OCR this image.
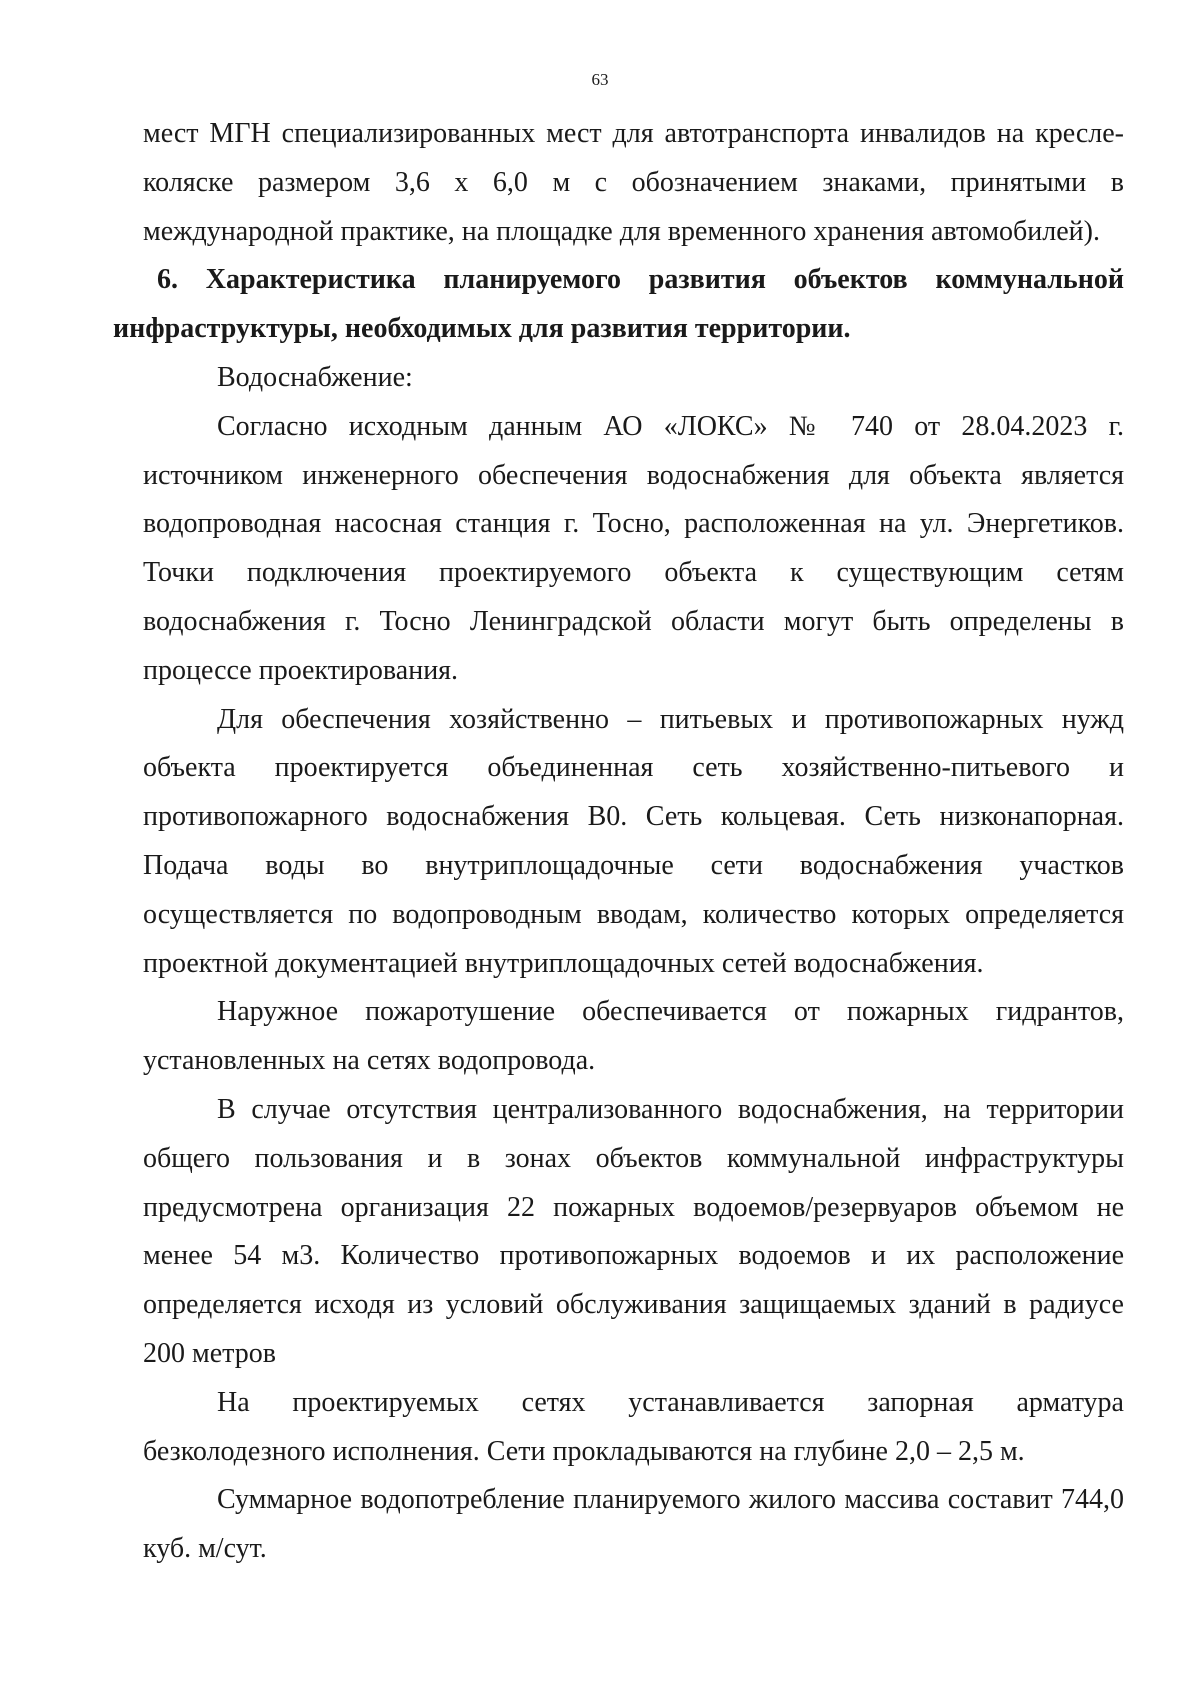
63

мест МГН специализированных мест для автотранспорта инвалидов на кресле-коляске размером 3,6 х 6,0 м с обозначением знаками, принятыми в международной практике, на площадке для временного хранения автомобилей).

6. Характеристика планируемого развития объектов коммунальной инфраструктуры, необходимых для развития территории.

Водоснабжение:

Согласно исходным данным АО «ЛОКС» № 740 от 28.04.2023 г. источником инженерного обеспечения водоснабжения для объекта является водопроводная насосная станция г. Тосно, расположенная на ул. Энергетиков. Точки подключения проектируемого объекта к существующим сетям водоснабжения г. Тосно Ленинградской области могут быть определены в процессе проектирования.

Для обеспечения хозяйственно – питьевых и противопожарных нужд объекта проектируется объединенная сеть хозяйственно-питьевого и противопожарного водоснабжения В0. Сеть кольцевая. Сеть низконапорная. Подача воды во внутриплощадочные сети водоснабжения участков осуществляется по водопроводным вводам, количество которых определяется проектной документацией внутриплощадочных сетей водоснабжения.

Наружное пожаротушение обеспечивается от пожарных гидрантов, установленных на сетях водопровода.

В случае отсутствия централизованного водоснабжения, на территории общего пользования и в зонах объектов коммунальной инфраструктуры предусмотрена организация 22 пожарных водоемов/резервуаров объемом не менее 54 м3. Количество противопожарных водоемов и их расположение определяется исходя из условий обслуживания защищаемых зданий в радиусе 200 метров

На проектируемых сетях устанавливается запорная арматура безколодезного исполнения. Сети прокладываются на глубине 2,0 – 2,5 м.

Суммарное водопотребление планируемого жилого массива составит 744,0 куб. м/сут.
